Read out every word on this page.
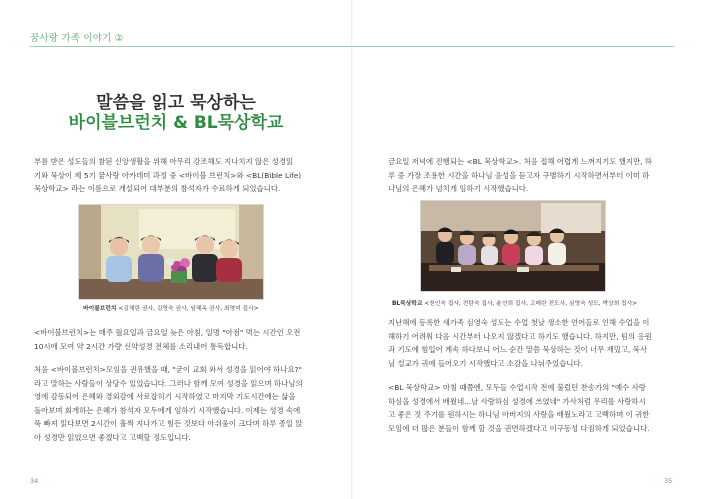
꿈사랑 가족 이야기 ②
말씀을 읽고 묵상하는
바이블브런치 & BL묵상학교
부름 받은 성도들의 참된 신앙생활을 위해 아무리 강조해도 지나치지 않은 성경읽
기와 묵상이 제 5기 꿈사랑 아카데미 과정 중 <바이블 브런치>와 <BL(Bible Life)
묵상학교> 라는 이름으로 개설되어 대부분의 참석자가 수료하게 되었습니다.
바이블브런치 <김채란 권사, 김영숙 권사, 임혜옥 권사, 최영미 집사>
<바이블브런치>는 매주 월요일과 금요일 늦은 아침, 일명 "아점" 먹는 시간인 오전
10시에 모여 약 2시간 가량 신약성경 전체를 소리내어 통독합니다.
처음 <바이블브런치>모임을 권유했을 때, "굳이 교회 와서 성경을 읽어야 하나요?"
라고 말하는 사람들이 상당수 있었습니다. 그러나 함께 모여 성경을 읽으며 하나님의
영에 감동되어 은혜와 경외감에 사로잡히기 시작하였고 마지막 기도시간에는 삶을
돌아보며 회개하는 은혜가 참석자 모두에게 임하기 시작했습니다. 이제는 성경 속에
푹 빠져 읽다보면 2시간이 훌쩍 지나가고 힘든 것보다 아쉬움이 크다며 하루 종일 앉
아 성경만 읽었으면 좋겠다고 고백할 정도입니다.
34
금요일 저녁에 진행되는 <BL 묵상학교>. 처음 접해 어렵게 느껴지기도 했지만, 하
루 중 가장 조용한 시간을 하나님 음성을 듣고자 구별하기 시작하면서부터 이미 하
나님의 은혜가 넘치게 임하기 시작했습니다.
BL묵상학교 <천인숙 집사, 전탄숙 집사, 윤선희 집사, 고매란 전도사, 심영숙 성도, 박상희 집사>
지난해에 등록한 새가족 심영숙 성도는 수업 첫날 생소한 언어들로 인해 수업을 이
해하기 어려워 다음 시간부터 나오지 않겠다고 하기도 했습니다. 하지만, 팀의 응원
과 기도에 힘입어 계속 하다보니 어느 순간 말씀 묵상하는 것이 너무 재밌고, 묵사
님 설교가 귀에 들어오기 시작했다고 소감을 나눠주었습니다.
<BL 묵상학교> 마침 때쯤엔, 모두들 수업시작 전에 불렀던 찬송가의 "예수 사랑
하심을 성경에서 배웠네...날 사랑하심 성경에 쓰였네" 가사처럼 우리를 사랑하시
고 좋은 것 주기를 원하시는 하나님 아버지의 사랑을 배웠노라고 고백하며 이 귀한
모임에 더 많은 분들이 함께 할 것을 권면하겠다고 이구동성 다짐하게 되었습니다.
35
